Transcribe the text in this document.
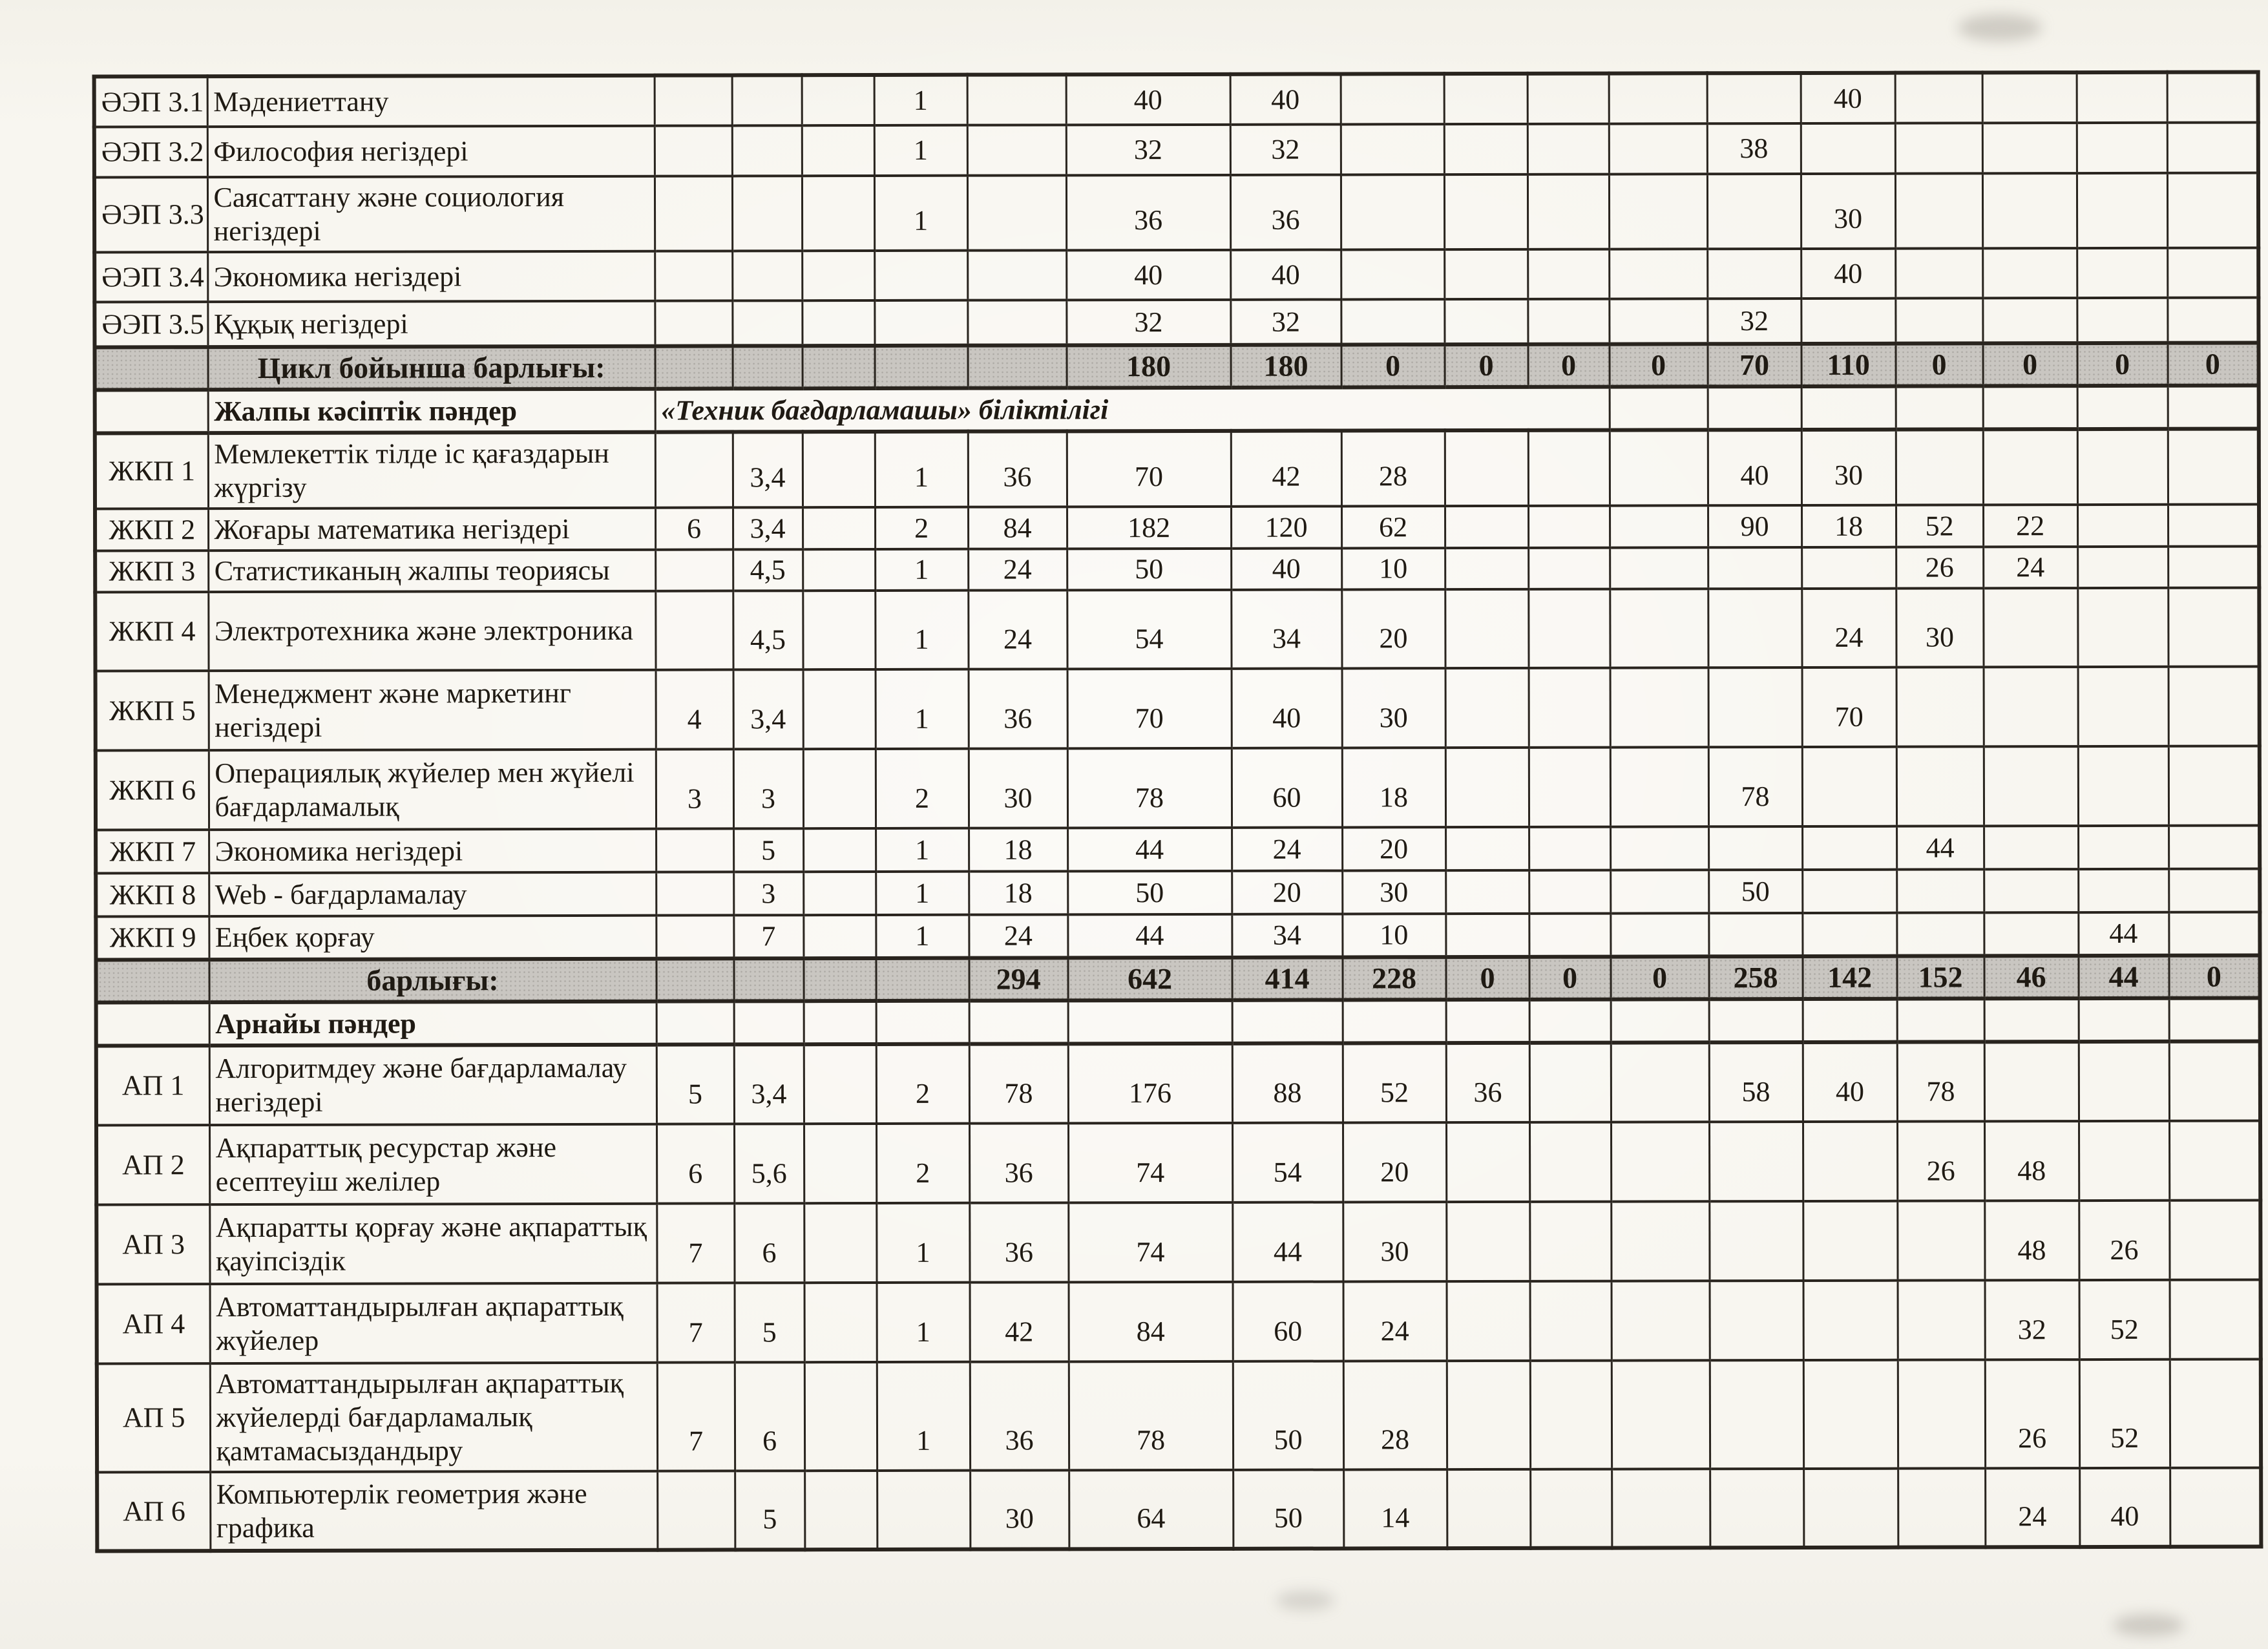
ӘЭП 3.1	Мәдениеттану				1		40	40						40				
ӘЭП 3.2	Философия негіздері				1		32	32					38					
ӘЭП 3.3	Саясаттану және социология негіздері				1		36	36						30				
ӘЭП 3.4	Экономика негіздері						40	40						40				
ӘЭП 3.5	Құқық негіздері						32	32					32					
	Цикл бойынша барлығы:						180	180	0	0	0	0	70	110	0	0	0	0
	Жалпы кәсіптік пәндер	«Техник бағдарламашы» біліктілігі																
ЖКП 1	Мемлекеттік тілде іс қағаздарын жүргізу		3,4		1	36	70	42	28				40	30				
ЖКП 2	Жоғары математика негіздері	6	3,4		2	84	182	120	62				90	18	52	22		
ЖКП 3	Статистиканың жалпы теориясы		4,5		1	24	50	40	10						26	24		
ЖКП 4	Электротехника және электроника		4,5		1	24	54	34	20					24	30			
ЖКП 5	Менеджмент және маркетинг негіздері	4	3,4		1	36	70	40	30					70				
ЖКП 6	Операциялық жүйелер мен жүйелі бағдарламалық	3	3		2	30	78	60	18				78					
ЖКП 7	Экономика негіздері		5		1	18	44	24	20						44			
ЖКП 8	Web - бағдарламалау		3		1	18	50	20	30				50					
ЖКП 9	Еңбек қорғау		7		1	24	44	34	10								44	
	барлығы:					294	642	414	228	0	0	0	258	142	152	46	44	0
	Арнайы пәндер																	
АП 1	Алгоритмдеу және бағдарламалау негіздері	5	3,4		2	78	176	88	52	36			58	40	78			
АП 2	Ақпараттық ресурстар және есептеуіш желілер	6	5,6		2	36	74	54	20						26	48		
АП 3	Ақпаратты қорғау және ақпараттық қауіпсіздік	7	6		1	36	74	44	30							48	26	
АП 4	Автоматтандырылған ақпараттық жүйелер	7	5		1	42	84	60	24							32	52	
АП 5	Автоматтандырылған ақпараттық жүйелерді бағдарламалық қамтамасыздандыру	7	6		1	36	78	50	28							26	52	
АП 6	Компьютерлік геометрия және графика		5			30	64	50	14							24	40	
